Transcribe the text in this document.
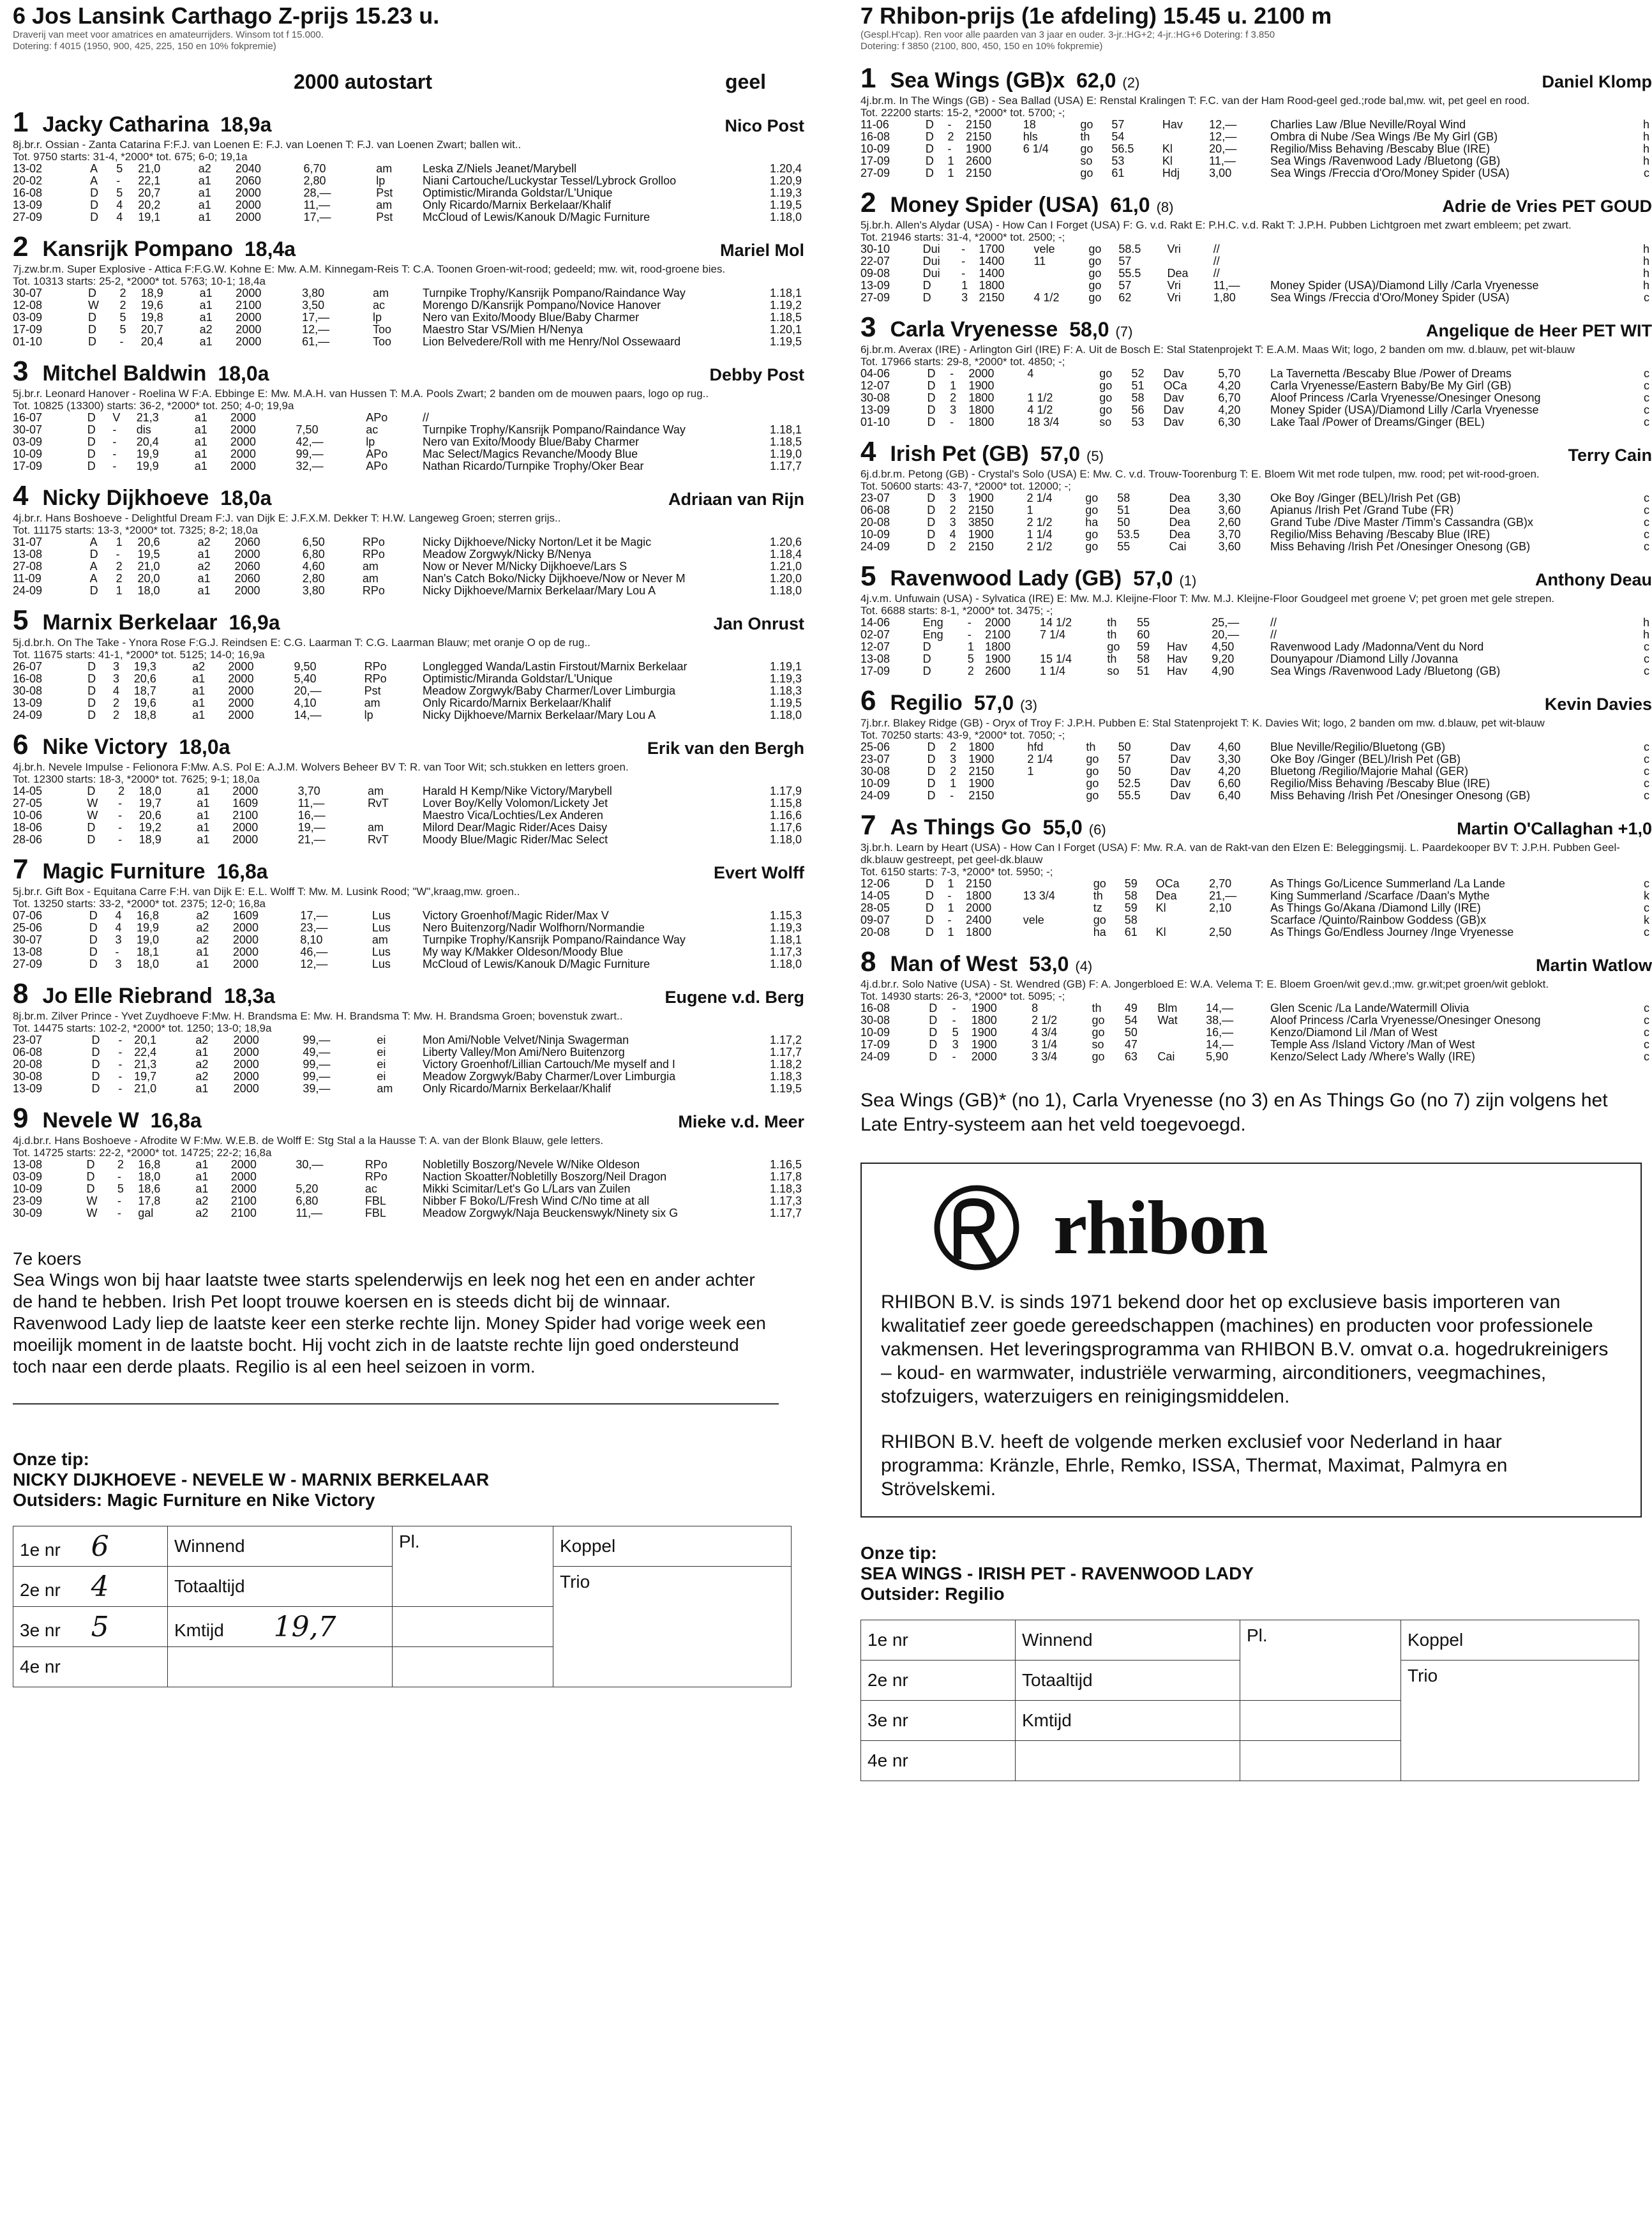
6 Jos Lansink Carthago Z-prijs 15.23 u.
Draverij van meet voor amatrices en amateurrijders. Winsom tot f 15.000.
Dotering: f 4015 (1950, 900, 425, 225, 150 en 10% fokpremie)
2000 autostart	geel
1 Jacky Catharina 18,9a	Nico Post
8j.br.r. Ossian - Zanta Catarina F:F.J. van Loenen E: F.J. van Loenen T: F.J. van Loenen Zwart; ballen wit..
Tot. 9750 starts: 31-4, *2000* tot. 675; 6-0; 19,1a
13-02	A	5	21,0	a2	2040	6,70	am	Leska Z/Niels Jeanet/Marybell	1.20,4
20-02	A	-	22,1	a1	2060	2,80	lp	Niani Cartouche/Luckystar Tessel/Lybrock Grolloo	1.20,9
16-08	D	5	20,7	a1	2000	28,—	Pst	Optimistic/Miranda Goldstar/L'Unique	1.19,3
13-09	D	4	20,2	a1	2000	11,—	am	Only Ricardo/Marnix Berkelaar/Khalif	1.19,5
27-09	D	4	19,1	a1	2000	17,—	Pst	McCloud of Lewis/Kanouk D/Magic Furniture	1.18,0
2 Kansrijk Pompano 18,4a	Mariel Mol
7j.zw.br.m. Super Explosive - Attica F:F.G.W. Kohne E: Mw. A.M. Kinnegam-Reis T: C.A. Toonen Groen-wit-rood; gedeeld; mw. wit, rood-groene bies.
Tot. 10313 starts: 25-2, *2000* tot. 5763; 10-1; 18,4a
30-07	D	2	18,9	a1	2000	3,80	am	Turnpike Trophy/Kansrijk Pompano/Raindance Way	1.18,1
12-08	W	2	19,6	a1	2100	3,50	ac	Morengo D/Kansrijk Pompano/Novice Hanover	1.19,2
03-09	D	5	19,8	a1	2000	17,—	lp	Nero van Exito/Moody Blue/Baby Charmer	1.18,5
17-09	D	5	20,7	a2	2000	12,—	Too	Maestro Star VS/Mien H/Nenya	1.20,1
01-10	D	-	20,4	a1	2000	61,—	Too	Lion Belvedere/Roll with me Henry/Nol Ossewaard	1.19,5
3 Mitchel Baldwin 18,0a	Debby Post
5j.br.r. Leonard Hanover - Roelina W F:A. Ebbinge E: Mw. M.A.H. van Hussen T: M.A. Pools Zwart; 2 banden om de mouwen paars, logo op rug..
Tot. 10825 (13300) starts: 36-2, *2000* tot. 250; 4-0; 19,9a
16-07	D	V	21,3	a1	2000		APo	//	
30-07	D	-	dis	a1	2000	7,50	ac	Turnpike Trophy/Kansrijk Pompano/Raindance Way	1.18,1
03-09	D	-	20,4	a1	2000	42,—	lp	Nero van Exito/Moody Blue/Baby Charmer	1.18,5
10-09	D	-	19,9	a1	2000	99,—	APo	Mac Select/Magics Revanche/Moody Blue	1.19,0
17-09	D	-	19,9	a1	2000	32,—	APo	Nathan Ricardo/Turnpike Trophy/Oker Bear	1.17,7
4 Nicky Dijkhoeve 18,0a	Adriaan van Rijn
4j.br.r. Hans Boshoeve - Delightful Dream F:J. van Dijk E: J.F.X.M. Dekker T: H.W. Langeweg Groen; sterren grijs..
Tot. 11175 starts: 13-3, *2000* tot. 7325; 8-2; 18,0a
31-07	A	1	20,6	a2	2060	6,50	RPo	Nicky Dijkhoeve/Nicky Norton/Let it be Magic	1.20,6
13-08	D	-	19,5	a1	2000	6,80	RPo	Meadow Zorgwyk/Nicky B/Nenya	1.18,4
27-08	A	2	21,0	a2	2060	4,60	am	Now or Never M/Nicky Dijkhoeve/Lars S	1.21,0
11-09	A	2	20,0	a1	2060	2,80	am	Nan's Catch Boko/Nicky Dijkhoeve/Now or Never M	1.20,0
24-09	D	1	18,0	a1	2000	3,80	RPo	Nicky Dijkhoeve/Marnix Berkelaar/Mary Lou A	1.18,0
5 Marnix Berkelaar 16,9a	Jan Onrust
5j.d.br.h. On The Take - Ynora Rose F:G.J. Reindsen E: C.G. Laarman T: C.G. Laarman Blauw; met oranje O op de rug..
Tot. 11675 starts: 41-1, *2000* tot. 5125; 14-0; 16,9a
26-07	D	3	19,3	a2	2000	9,50	RPo	Longlegged Wanda/Lastin Firstout/Marnix Berkelaar	1.19,1
16-08	D	3	20,6	a1	2000	5,40	RPo	Optimistic/Miranda Goldstar/L'Unique	1.19,3
30-08	D	4	18,7	a1	2000	20,—	Pst	Meadow Zorgwyk/Baby Charmer/Lover Limburgia	1.18,3
13-09	D	2	19,6	a1	2000	4,10	am	Only Ricardo/Marnix Berkelaar/Khalif	1.19,5
24-09	D	2	18,8	a1	2000	14,—	lp	Nicky Dijkhoeve/Marnix Berkelaar/Mary Lou A	1.18,0
6 Nike Victory 18,0a	Erik van den Bergh
4j.br.h. Nevele Impulse - Felionora F:Mw. A.S. Pol E: A.J.M. Wolvers Beheer BV T: R. van Toor Wit; sch.stukken en letters groen.
Tot. 12300 starts: 18-3, *2000* tot. 7625; 9-1; 18,0a
14-05	D	2	18,0	a1	2000	3,70	am	Harald H Kemp/Nike Victory/Marybell	1.17,9
27-05	W	-	19,7	a1	1609	11,—	RvT	Lover Boy/Kelly Volomon/Lickety Jet	1.15,8
10-06	W	-	20,6	a1	2100	16,—		Maestro Vica/Lochties/Lex Anderen	1.16,6
18-06	D	-	19,2	a1	2000	19,—	am	Milord Dear/Magic Rider/Aces Daisy	1.17,6
28-06	D	-	18,9	a1	2000	21,—	RvT	Moody Blue/Magic Rider/Mac Select	1.18,0
7 Magic Furniture 16,8a	Evert Wolff
5j.br.r. Gift Box - Equitana Carre F:H. van Dijk E: E.L. Wolff T: Mw. M. Lusink Rood; "W",kraag,mw. groen..
Tot. 13250 starts: 33-2, *2000* tot. 2375; 12-0; 16,8a
07-06	D	4	16,8	a2	1609	17,—	Lus	Victory Groenhof/Magic Rider/Max V	1.15,3
25-06	D	4	19,9	a2	2000	23,—	Lus	Nero Buitenzorg/Nadir Wolfhorn/Normandie	1.19,3
30-07	D	3	19,0	a2	2000	8,10	am	Turnpike Trophy/Kansrijk Pompano/Raindance Way	1.18,1
13-08	D	-	18,1	a1	2000	46,—	Lus	My way K/Makker Oldeson/Moody Blue	1.17,3
27-09	D	3	18,0	a1	2000	12,—	Lus	McCloud of Lewis/Kanouk D/Magic Furniture	1.18,0
8 Jo Elle Riebrand 18,3a	Eugene v.d. Berg
8j.br.m. Zilver Prince - Yvet Zuydhoeve F:Mw. H. Brandsma E: Mw. H. Brandsma T: Mw. H. Brandsma Groen; bovenstuk zwart..
Tot. 14475 starts: 102-2, *2000* tot. 1250; 13-0; 18,9a
23-07	D	-	20,1	a2	2000	99,—	ei	Mon Ami/Noble Velvet/Ninja Swagerman	1.17,2
06-08	D	-	22,4	a1	2000	49,—	ei	Liberty Valley/Mon Ami/Nero Buitenzorg	1.17,7
20-08	D	-	21,3	a2	2000	99,—	ei	Victory Groenhof/Lillian Cartouch/Me myself and I	1.18,2
30-08	D	-	19,7	a2	2000	99,—	ei	Meadow Zorgwyk/Baby Charmer/Lover Limburgia	1.18,3
13-09	D	-	21,0	a1	2000	39,—	am	Only Ricardo/Marnix Berkelaar/Khalif	1.19,5
9 Nevele W 16,8a	Mieke v.d. Meer
4j.d.br.r. Hans Boshoeve - Afrodite W F:Mw. W.E.B. de Wolff E: Stg Stal a la Hausse T: A. van der Blonk Blauw, gele letters.
Tot. 14725 starts: 22-2, *2000* tot. 14725; 22-2; 16,8a
13-08	D	2	16,8	a1	2000	30,—	RPo	Nobletilly Boszorg/Nevele W/Nike Oldeson	1.16,5
03-09	D	-	18,0	a1	2000		RPo	Naction Skoatter/Nobletilly Boszorg/Neil Dragon	1.17,8
10-09	D	5	18,6	a1	2000	5,20	ac	Mikki Scimitar/Let's Go L/Lars van Zuilen	1.18,3
23-09	W	-	17,8	a2	2100	6,80	FBL	Nibber F Boko/L/Fresh Wind C/No time at all	1.17,3
30-09	W	-	gal	a2	2100	11,—	FBL	Meadow Zorgwyk/Naja Beuckenswyk/Ninety six G	1.17,7
7e koers
Sea Wings won bij haar laatste twee starts spelenderwijs en leek nog het een en ander achter de hand te hebben. Irish Pet loopt trouwe koersen en is steeds dicht bij de winnaar. Ravenwood Lady liep de laatste keer een sterke rechte lijn. Money Spider had vorige week een moeilijk moment in de laatste bocht. Hij vocht zich in de laatste rechte lijn goed ondersteund toch naar een derde plaats. Regilio is al een heel seizoen in vorm.
Onze tip:
NICKY DIJKHOEVE - NEVELE W - MARNIX BERKELAAR
Outsiders: Magic Furniture en Nike Victory
1e nr 6	Winnend	Pl.	Koppel
2e nr 4	Totaaltijd		Trio
3e nr 5	Kmtijd 19,7		
4e nr			
7 Rhibon-prijs (1e afdeling) 15.45 u. 2100 m
(Gespl.H'cap). Ren voor alle paarden van 3 jaar en ouder. 3-jr.:HG+2; 4-jr.:HG+6 Dotering: f 3.850
Dotering: f 3850 (2100, 800, 450, 150 en 10% fokpremie)
1 Sea Wings (GB)x 62,0 (2)	Daniel Klomp
4j.br.m. In The Wings (GB) - Sea Ballad (USA) E: Renstal Kralingen T: F.C. van der Ham Rood-geel ged.;rode bal,mw. wit, pet geel en rood.
Tot. 22200 starts: 15-2, *2000* tot. 5700; -;
11-06	D	-	2150	18	go	57	Hav	12,—	Charlies Law /Blue Neville/Royal Wind	h
16-08	D	2	2150	hls	th	54		12,—	Ombra di Nube /Sea Wings /Be My Girl (GB)	h
10-09	D	-	1900	6 1/4	go	56.5	Kl	20,—	Regilio/Miss Behaving /Bescaby Blue (IRE)	h
17-09	D	1	2600		so	53	Kl	11,—	Sea Wings /Ravenwood Lady /Bluetong (GB)	h
27-09	D	1	2150		go	61	Hdj	3,00	Sea Wings /Freccia d'Oro/Money Spider (USA)	c
2 Money Spider (USA) 61,0 (8)	Adrie de Vries PET GOUD
5j.br.h. Allen's Alydar (USA) - How Can I Forget (USA) F: G. v.d. Rakt E: P.H.C. v.d. Rakt T: J.P.H. Pubben Lichtgroen met zwart embleem; pet zwart.
Tot. 21946 starts: 31-4, *2000* tot. 2500; -;
30-10	Dui	-	1700	vele	go	58.5	Vri	//		h
22-07	Dui	-	1400	11	go	57		//		h
09-08	Dui	-	1400		go	55.5	Dea	//		h
13-09	D	1	1800		go	57	Vri	11,—	Money Spider (USA)/Diamond Lilly /Carla Vryenesse	h
27-09	D	3	2150	4 1/2	go	62	Vri	1,80	Sea Wings /Freccia d'Oro/Money Spider (USA)	c
3 Carla Vryenesse 58,0 (7)	Angelique de Heer PET WIT
6j.br.m. Averax (IRE) - Arlington Girl (IRE) F: A. Uit de Bosch E: Stal Statenprojekt T: E.A.M. Maas Wit; logo, 2 banden om mw. d.blauw, pet wit-blauw
Tot. 17966 starts: 29-8, *2000* tot. 4850; -;
04-06	D	-	2000	4	go	52	Dav	5,70	La Tavernetta /Bescaby Blue /Power of Dreams	c
12-07	D	1	1900		go	51	OCa	4,20	Carla Vryenesse/Eastern Baby/Be My Girl (GB)	c
30-08	D	2	1800	1 1/2	go	58	Dav	6,70	Aloof Princess /Carla Vryenesse/Onesinger Onesong	c
13-09	D	3	1800	4 1/2	go	56	Dav	4,20	Money Spider (USA)/Diamond Lilly /Carla Vryenesse	c
01-10	D	-	1800	18 3/4	so	53	Dav	6,30	Lake Taal /Power of Dreams/Ginger (BEL)	c
4 Irish Pet (GB) 57,0 (5)	Terry Cain
6j.d.br.m. Petong (GB) - Crystal's Solo (USA) E: Mw. C. v.d. Trouw-Toorenburg T: E. Bloem Wit met rode tulpen, mw. rood; pet wit-rood-groen.
Tot. 50600 starts: 43-7, *2000* tot. 12000; -;
23-07	D	3	1900	2 1/4	go	58	Dea	3,30	Oke Boy /Ginger (BEL)/Irish Pet (GB)	c
06-08	D	2	2150	1	go	51	Dea	3,60	Apianus /Irish Pet /Grand Tube (FR)	c
20-08	D	3	3850	2 1/2	ha	50	Dea	2,60	Grand Tube /Dive Master /Timm's Cassandra (GB)x	c
10-09	D	4	1900	1 1/4	go	53.5	Dea	3,70	Regilio/Miss Behaving /Bescaby Blue (IRE)	c
24-09	D	2	2150	2 1/2	go	55	Cai	3,60	Miss Behaving /Irish Pet /Onesinger Onesong (GB)	c
5 Ravenwood Lady (GB) 57,0 (1)	Anthony Deau
4j.v.m. Unfuwain (USA) - Sylvatica (IRE) E: Mw. M.J. Kleijne-Floor T: Mw. M.J. Kleijne-Floor Goudgeel met groene V; pet groen met gele strepen.
Tot. 6688 starts: 8-1, *2000* tot. 3475; -;
14-06	Eng	-	2000	14 1/2	th	55		25,—	//	h
02-07	Eng	-	2100	7 1/4	th	60		20,—	//	h
12-07	D	1	1800		go	59	Hav	4,50	Ravenwood Lady /Madonna/Vent du Nord	c
13-08	D	5	1900	15 1/4	th	58	Hav	9,20	Dounyapour /Diamond Lilly /Jovanna	c
17-09	D	2	2600	1 1/4	so	51	Hav	4,90	Sea Wings /Ravenwood Lady /Bluetong (GB)	c
6 Regilio 57,0 (3)	Kevin Davies
7j.br.r. Blakey Ridge (GB) - Oryx of Troy F: J.P.H. Pubben E: Stal Statenprojekt T: K. Davies Wit; logo, 2 banden om mw. d.blauw, pet wit-blauw
Tot. 70250 starts: 43-9, *2000* tot. 7050; -;
25-06	D	2	1800	hfd	th	50	Dav	4,60	Blue Neville/Regilio/Bluetong (GB)	c
23-07	D	3	1900	2 1/4	go	57	Dav	3,30	Oke Boy /Ginger (BEL)/Irish Pet (GB)	c
30-08	D	2	2150	1	go	50	Dav	4,20	Bluetong /Regilio/Majorie Mahal (GER)	c
10-09	D	1	1900		go	52.5	Dav	6,60	Regilio/Miss Behaving /Bescaby Blue (IRE)	c
24-09	D	-	2150		go	55.5	Dav	6,40	Miss Behaving /Irish Pet /Onesinger Onesong (GB)	c
7 As Things Go 55,0 (6)	Martin O'Callaghan +1,0
3j.br.h. Learn by Heart (USA) - How Can I Forget (USA) F: Mw. R.A. van de Rakt-van den Elzen E: Beleggingsmij. L. Paardekooper BV T: J.P.H. Pubben Geel-dk.blauw gestreept, pet geel-dk.blauw
Tot. 6150 starts: 7-3, *2000* tot. 5950; -;
12-06	D	1	2150		go	59	OCa	2,70	As Things Go/Licence Summerland /La Lande	c
14-05	D	-	1800	13 3/4	th	58	Dea	21,—	King Summerland /Scarface /Daan's Mythe	k
28-05	D	1	2000		tz	59	Kl	2,10	As Things Go/Akana /Diamond Lilly (IRE)	c
09-07	D	-	2400	vele	go	58			Scarface /Quinto/Rainbow Goddess (GB)x	k
20-08	D	1	1800		ha	61	Kl	2,50	As Things Go/Endless Journey /Inge Vryenesse	c
8 Man of West 53,0 (4)	Martin Watlow
4j.d.br.r. Solo Native (USA) - St. Wendred (GB) F: A. Jongerbloed E: W.A. Velema T: E. Bloem Groen/wit gev.d.;mw. gr.wit;pet groen/wit geblokt.
Tot. 14930 starts: 26-3, *2000* tot. 5095; -;
16-08	D	-	1900	8	th	49	Blm	14,—	Glen Scenic /La Lande/Watermill Olivia	c
30-08	D	-	1800	2 1/2	go	54	Wat	38,—	Aloof Princess /Carla Vryenesse/Onesinger Onesong	c
10-09	D	5	1900	4 3/4	go	50		16,—	Kenzo/Diamond Lil /Man of West	c
17-09	D	3	1900	3 1/4	so	47		14,—	Temple Ass /Island Victory /Man of West	c
24-09	D	-	2000	3 3/4	go	63	Cai	5,90	Kenzo/Select Lady /Where's Wally (IRE)	c
Sea Wings (GB)* (no 1), Carla Vryenesse (no 3) en As Things Go (no 7) zijn volgens het Late Entry-systeem aan het veld toegevoegd.
rhibon
RHIBON B.V. is sinds 1971 bekend door het op exclusieve basis importeren van kwalitatief zeer goede gereedschappen (machines) en producten voor professionele vakmensen. Het leveringsprogramma van RHIBON B.V. omvat o.a. hogedrukreinigers – koud- en warmwater, industriële verwarming, airconditioners, veegmachines, stofzuigers, waterzuigers en reinigingsmiddelen.
RHIBON B.V. heeft de volgende merken exclusief voor Nederland in haar programma: Kränzle, Ehrle, Remko, ISSA, Thermat, Maximat, Palmyra en Strövelskemi.
Onze tip:
SEA WINGS - IRISH PET - RAVENWOOD LADY
Outsider: Regilio
1e nr	Winnend	Pl.	Koppel
2e nr	Totaaltijd		Trio
3e nr	Kmtijd		
4e nr			
